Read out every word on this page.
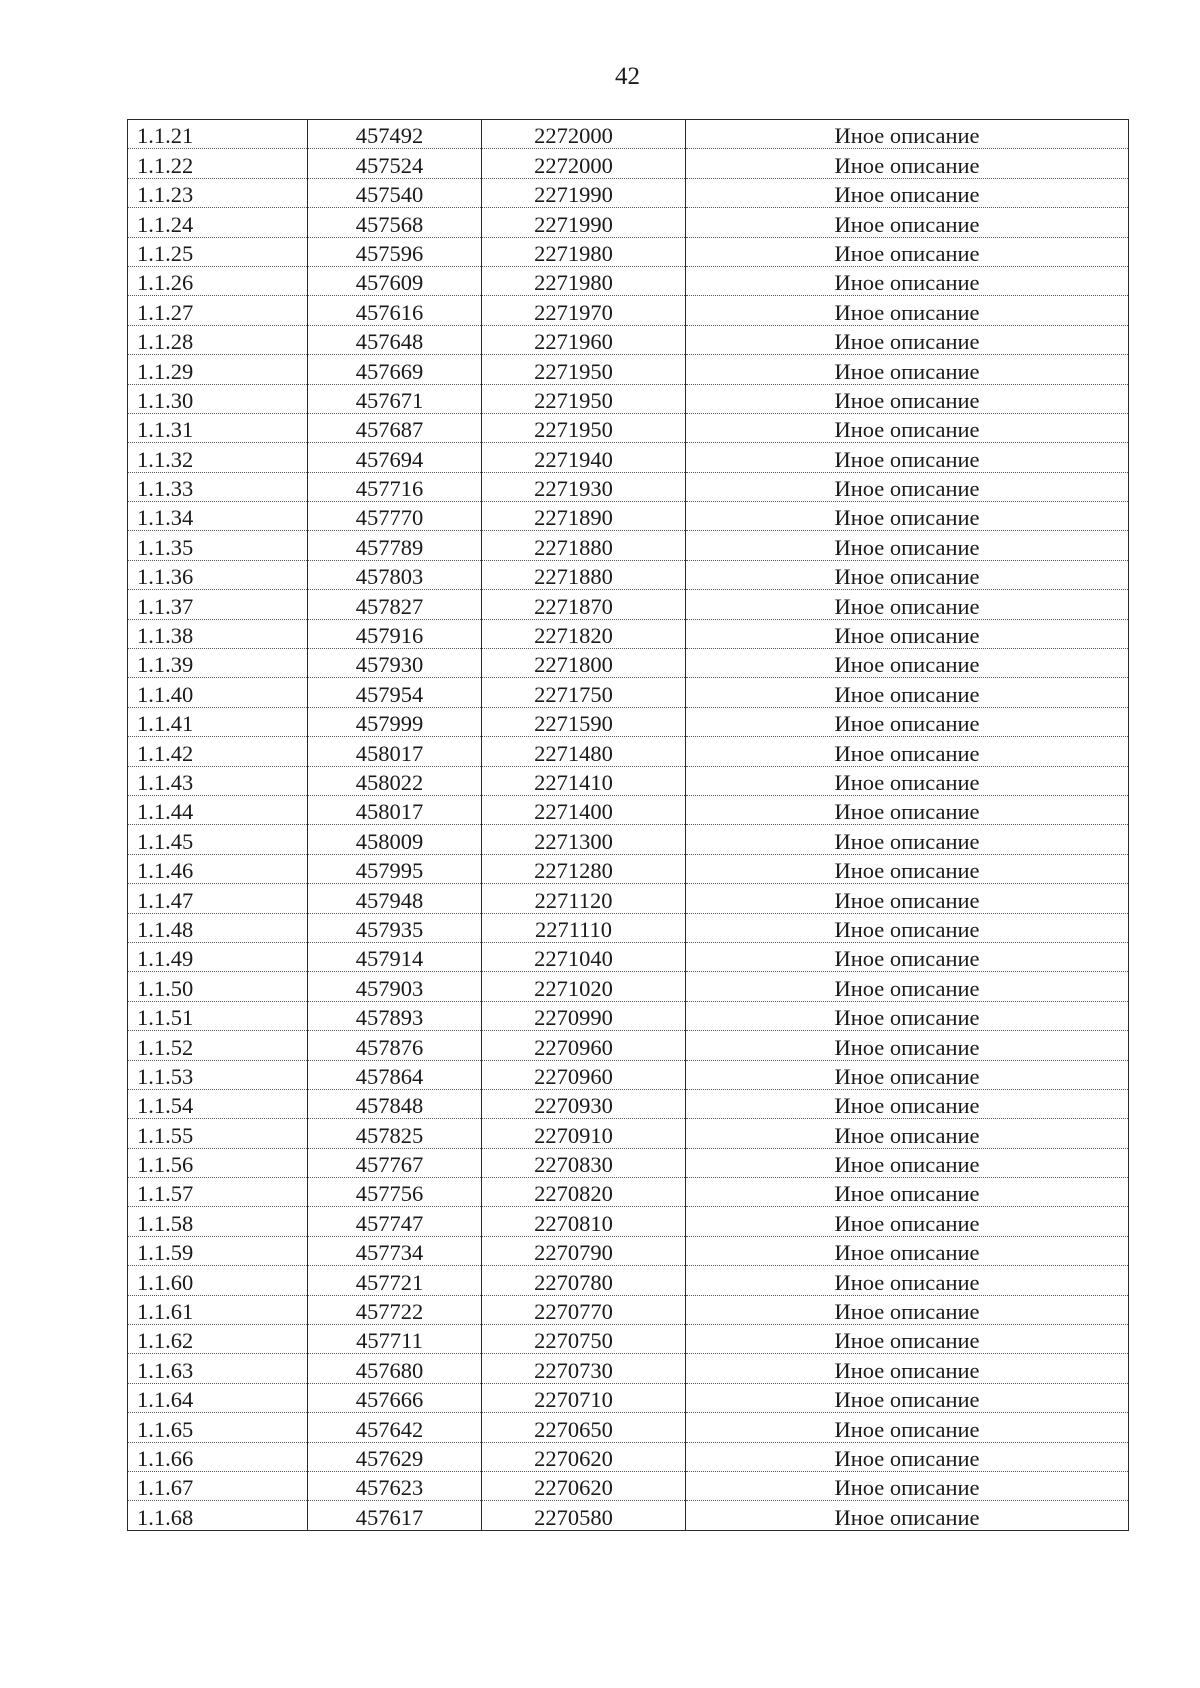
42
1.1.21	457492	2272000	Иное описание
1.1.22	457524	2272000	Иное описание
1.1.23	457540	2271990	Иное описание
1.1.24	457568	2271990	Иное описание
1.1.25	457596	2271980	Иное описание
1.1.26	457609	2271980	Иное описание
1.1.27	457616	2271970	Иное описание
1.1.28	457648	2271960	Иное описание
1.1.29	457669	2271950	Иное описание
1.1.30	457671	2271950	Иное описание
1.1.31	457687	2271950	Иное описание
1.1.32	457694	2271940	Иное описание
1.1.33	457716	2271930	Иное описание
1.1.34	457770	2271890	Иное описание
1.1.35	457789	2271880	Иное описание
1.1.36	457803	2271880	Иное описание
1.1.37	457827	2271870	Иное описание
1.1.38	457916	2271820	Иное описание
1.1.39	457930	2271800	Иное описание
1.1.40	457954	2271750	Иное описание
1.1.41	457999	2271590	Иное описание
1.1.42	458017	2271480	Иное описание
1.1.43	458022	2271410	Иное описание
1.1.44	458017	2271400	Иное описание
1.1.45	458009	2271300	Иное описание
1.1.46	457995	2271280	Иное описание
1.1.47	457948	2271120	Иное описание
1.1.48	457935	2271110	Иное описание
1.1.49	457914	2271040	Иное описание
1.1.50	457903	2271020	Иное описание
1.1.51	457893	2270990	Иное описание
1.1.52	457876	2270960	Иное описание
1.1.53	457864	2270960	Иное описание
1.1.54	457848	2270930	Иное описание
1.1.55	457825	2270910	Иное описание
1.1.56	457767	2270830	Иное описание
1.1.57	457756	2270820	Иное описание
1.1.58	457747	2270810	Иное описание
1.1.59	457734	2270790	Иное описание
1.1.60	457721	2270780	Иное описание
1.1.61	457722	2270770	Иное описание
1.1.62	457711	2270750	Иное описание
1.1.63	457680	2270730	Иное описание
1.1.64	457666	2270710	Иное описание
1.1.65	457642	2270650	Иное описание
1.1.66	457629	2270620	Иное описание
1.1.67	457623	2270620	Иное описание
1.1.68	457617	2270580	Иное описание
